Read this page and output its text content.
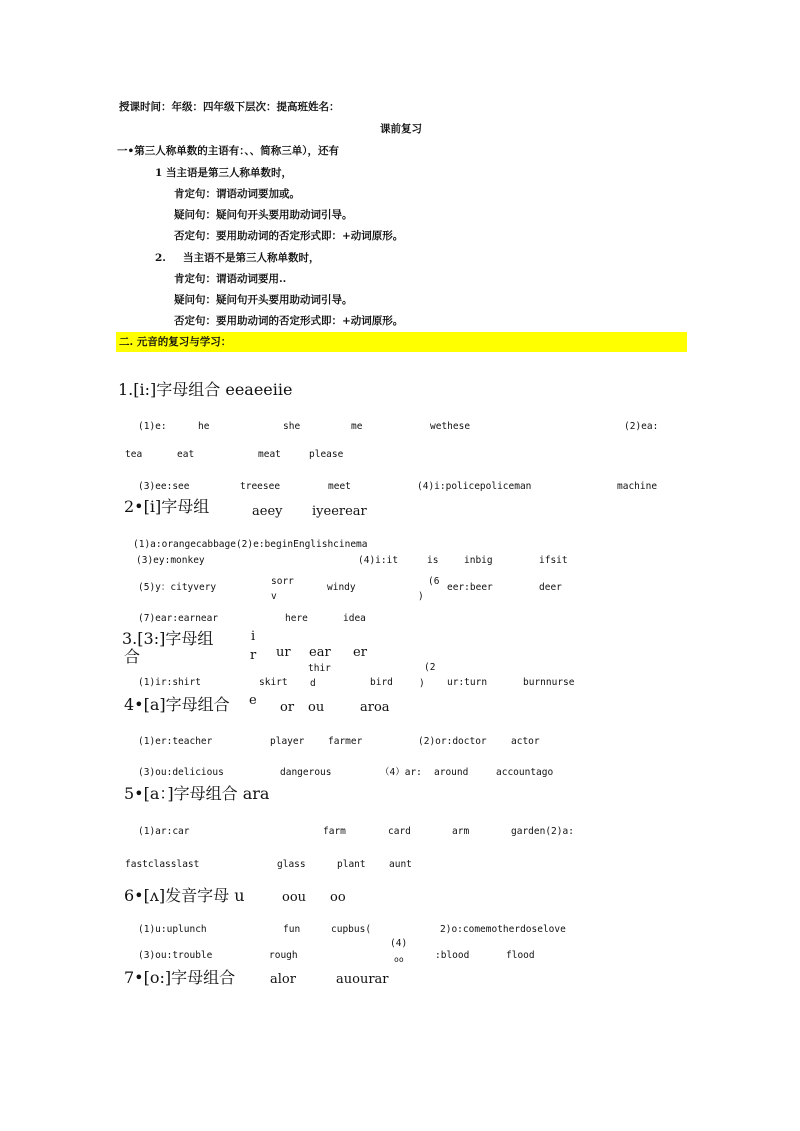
授课时间：年级：四年级下层次：提高班姓名：
课前复习
一•第三人称单数的主语有：、、简称三单），还有
1 当主语是第三人称单数时，
肯定句：谓语动词要加或。
疑问句：疑问句开头要用助动词引导。
否定句：要用助动词的否定形式即：+动词原形。
2. 当主语不是第三人称单数时，
肯定句：谓语动词要用..
疑问句：疑问句开头要用助动词引导。
否定句：要用助动词的否定形式即：+动词原形。
二. 元音的复习与学习：
1.[i:]字母组合 eeaeeiie
(1)e:	he	she	me	wethese	(2)ea:
tea	eat	meat	please
(3)ee:see	treesee	meet	(4)i:policepoliceman	machine
2•[i]字母组	aeey iyeerear
(1)a:orangecabbage(2)e:beginEnglishcinema
(3)ey:monkey	(4)i:it	is	inbig	ifsit
(5)y：cityvery
sorr
v
windy
(6
)
eer:beer	deer
(7)ear:earnear	here	idea
3.[3:]字母组
合
i
r ur ear er
(1)ir:shirt	skirt
thir
d	bird
(2
) ur:turn	burnnurse
4•[a]字母组合 e or ou	aroa
(1)er:teacher	player farmer	(2)or:doctor	actor
(3)ou:delicious	dangerous	（4）ar: around	accountago
5•[a：]字母组合 ara
(1)ar:car	farm	card	arm	garden(2)a:
fastclasslast	glass	plant aunt
6•[ʌ]发音字母 u	oou oo
(1)u:uplunch	fun	cupbus(	2)o:comemotherdoselove
(3)ou:trouble	rough
(4)
oo	:blood	flood
7•[o:]字母组合	alor	auourar
